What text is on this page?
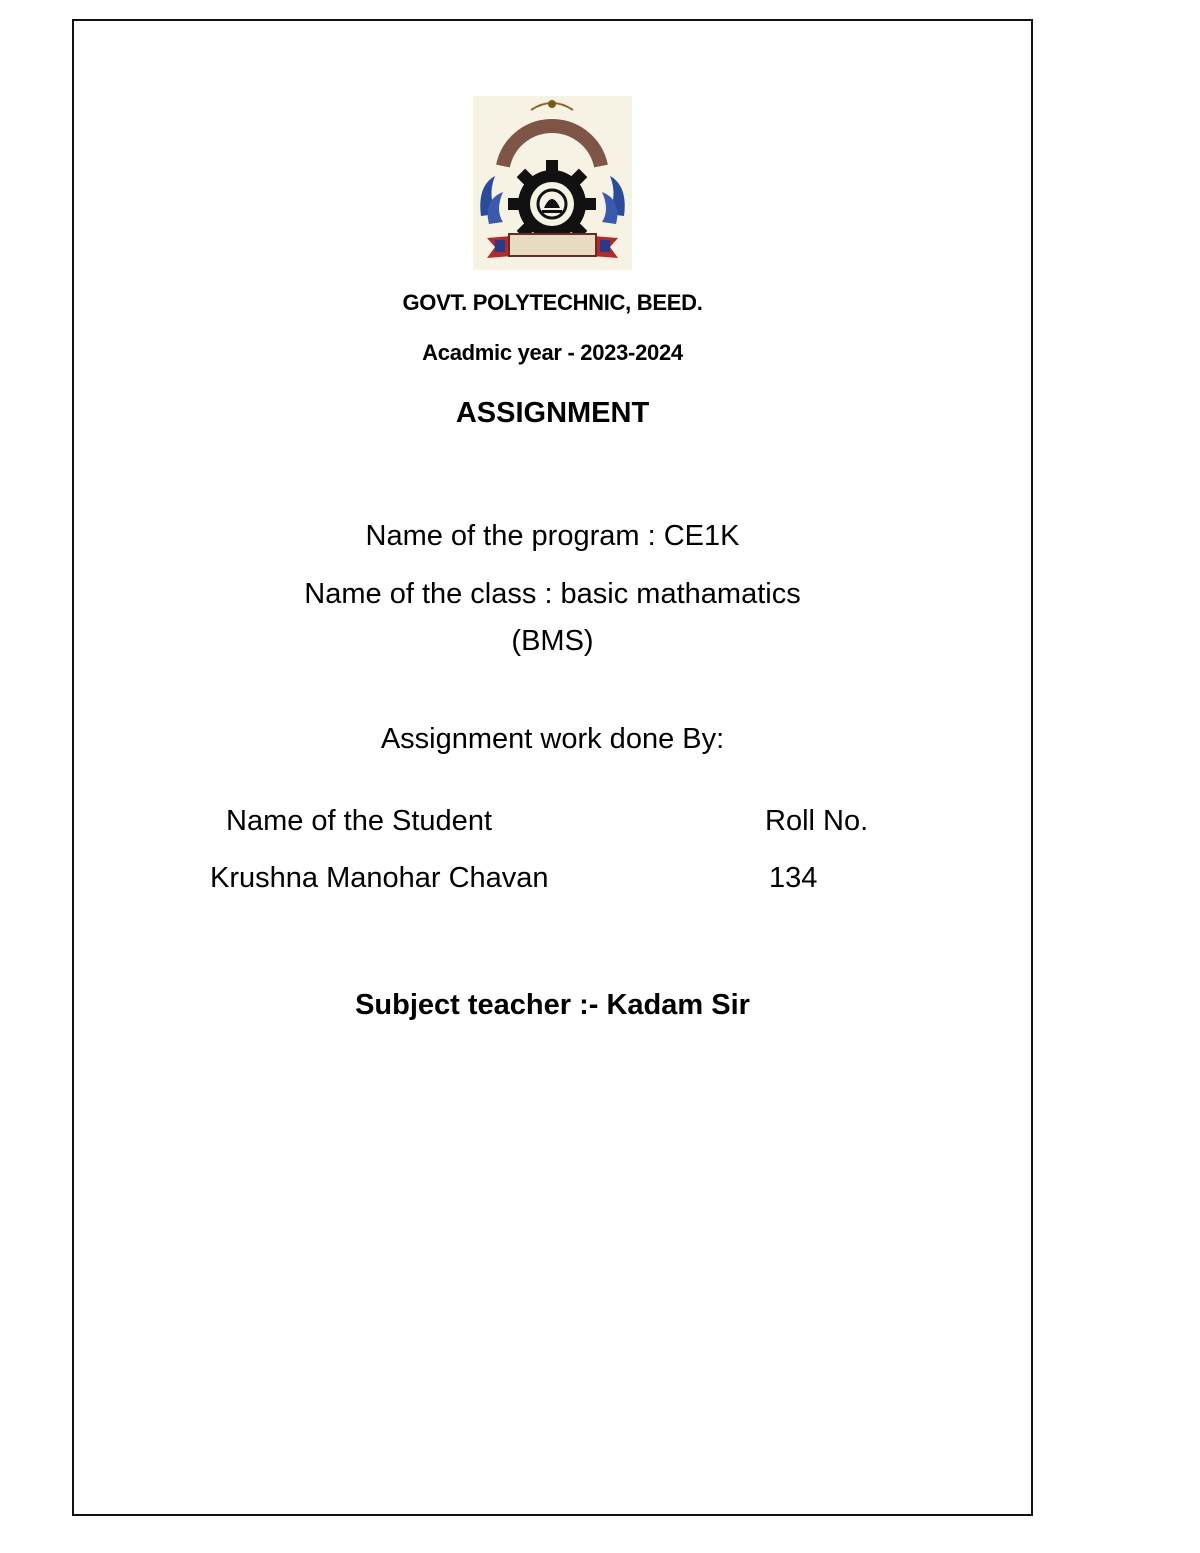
GOVT. POLYTECHNIC, BEED.
Acadmic year - 2023-2024
ASSIGNMENT
Name of the program : CE1K
Name of the class : basic mathamatics
(BMS)
Assignment work done By:
Name of the Student	Roll No.
Krushna Manohar Chavan	134
Subject teacher :- Kadam Sir
